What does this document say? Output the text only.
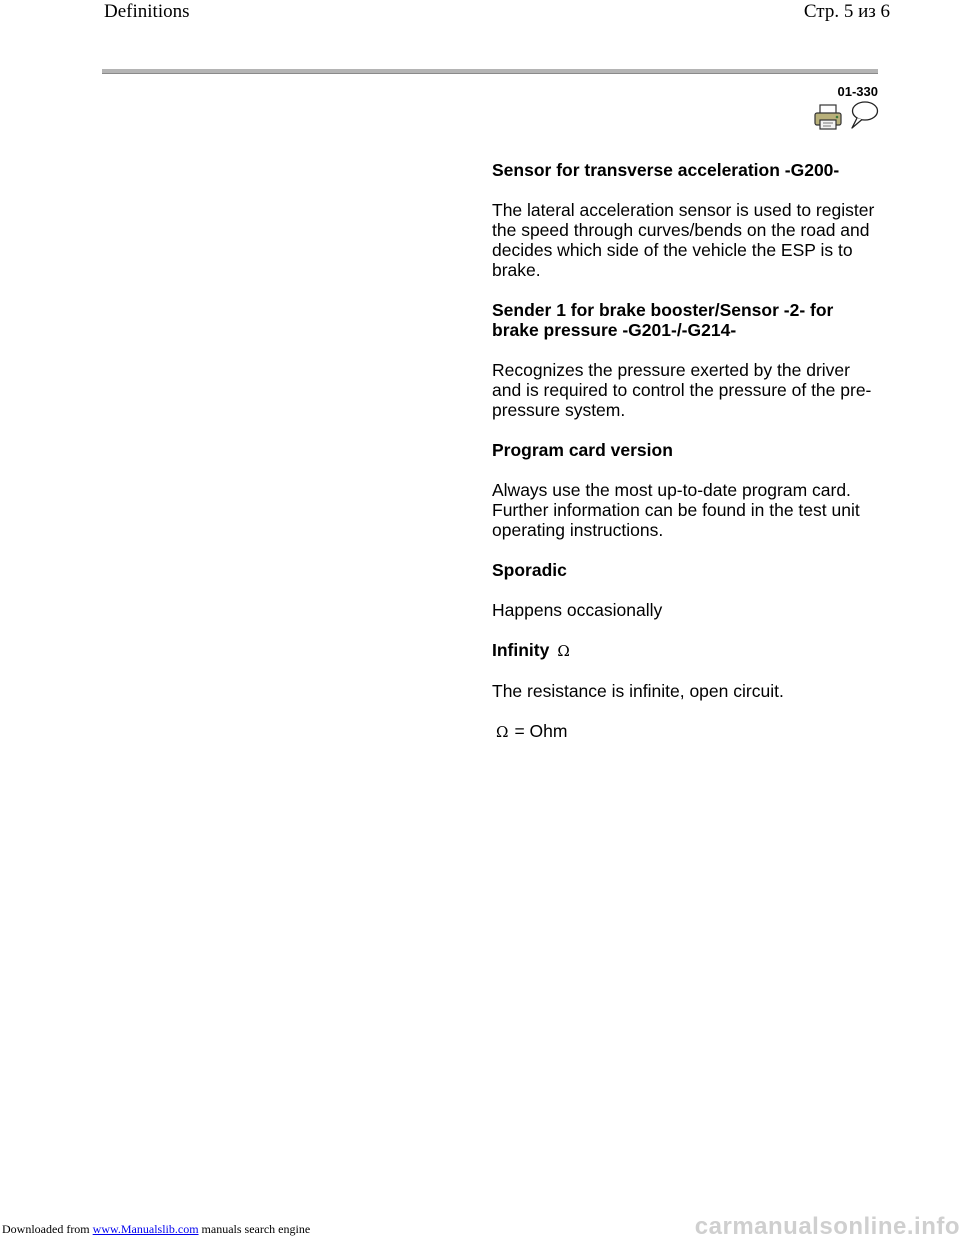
Definitions	Стр. 5 из 6
01-330

Sensor for transverse acceleration -G200-

The lateral acceleration sensor is used to register the speed through curves/bends on the road and decides which side of the vehicle the ESP is to brake.

Sender 1 for brake booster/Sensor -2- for brake pressure -G201-/-G214-

Recognizes the pressure exerted by the driver and is required to control the pressure of the pre-pressure system.

Program card version

Always use the most up-to-date program card. Further information can be found in the test unit operating instructions.

Sporadic

Happens occasionally

Infinity Ω

The resistance is infinite, open circuit.

Ω = Ohm

Downloaded from www.Manualslib.com manuals search engine	carmanualsonline.info
